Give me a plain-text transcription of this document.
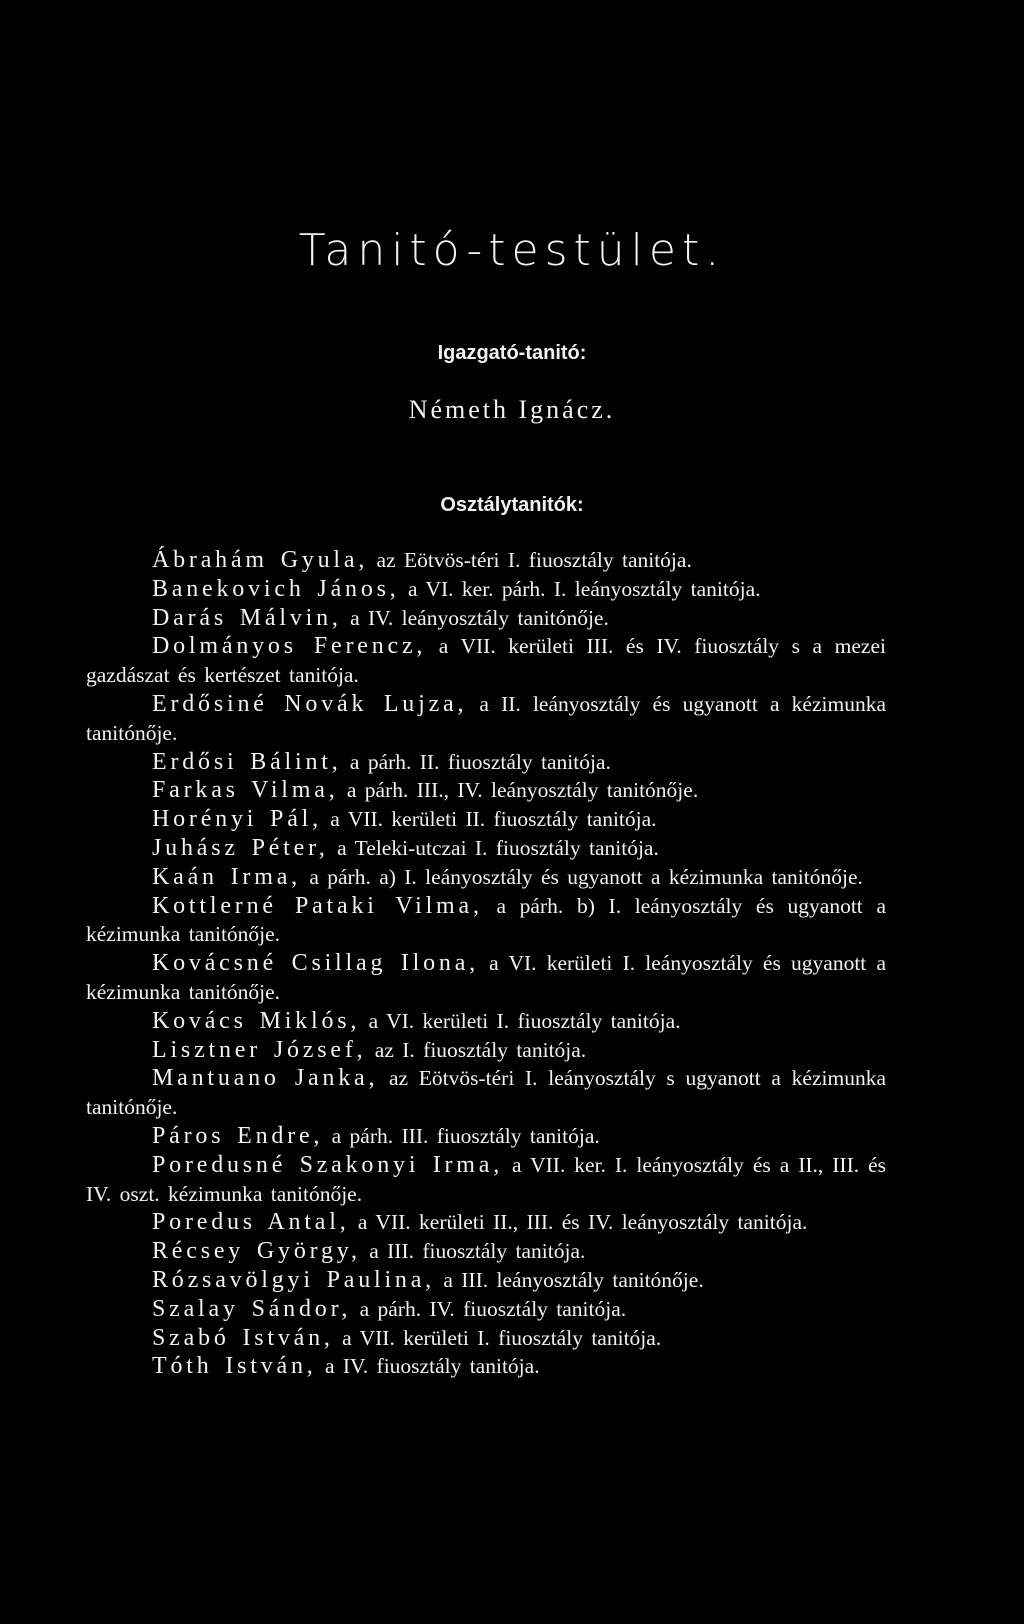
Tanitó-testület.
Igazgató-tanitó:
Németh Ignácz.
Osztálytanitók:
Ábrahám Gyula, az Eötvös-téri I. fiuosztály tanitója.
Banekovich János, a VI. ker. párh. I. leányosztály tanitója.
Darás Málvin, a IV. leányosztály tanitónője.
Dolmányos Ferencz, a VII. kerületi III. és IV. fiuosztály s a mezei gazdászat és kertészet tanitója.
Erdősiné Novák Lujza, a II. leányosztály és ugyanott a kézimunka tanitónője.
Erdősi Bálint, a párh. II. fiuosztály tanitója.
Farkas Vilma, a párh. III., IV. leányosztály tanitónője.
Horényi Pál, a VII. kerületi II. fiuosztály tanitója.
Juhász Péter, a Teleki-utczai I. fiuosztály tanitója.
Kaán Irma, a párh. a) I. leányosztály és ugyanott a kézimunka tanitónője.
Kottlerné Pataki Vilma, a párh. b) I. leányosztály és ugyanott a kézimunka tanitónője.
Kovácsné Csillag Ilona, a VI. kerületi I. leányosztály és ugyanott a kézimunka tanitónője.
Kovács Miklós, a VI. kerületi I. fiuosztály tanitója.
Lisztner József, az I. fiuosztály tanitója.
Mantuano Janka, az Eötvös-téri I. leányosztály s ugyanott a kézimunka tanitónője.
Páros Endre, a párh. III. fiuosztály tanitója.
Poredusné Szakonyi Irma, a VII. ker. I. leányosztály és a II., III. és IV. oszt. kézimunka tanitónője.
Poredus Antal, a VII. kerületi II., III. és IV. leányosztály tanitója.
Récsey György, a III. fiuosztály tanitója.
Rózsavölgyi Paulina, a III. leányosztály tanitónője.
Szalay Sándor, a párh. IV. fiuosztály tanitója.
Szabó István, a VII. kerületi I. fiuosztály tanitója.
Tóth István, a IV. fiuosztály tanitója.
